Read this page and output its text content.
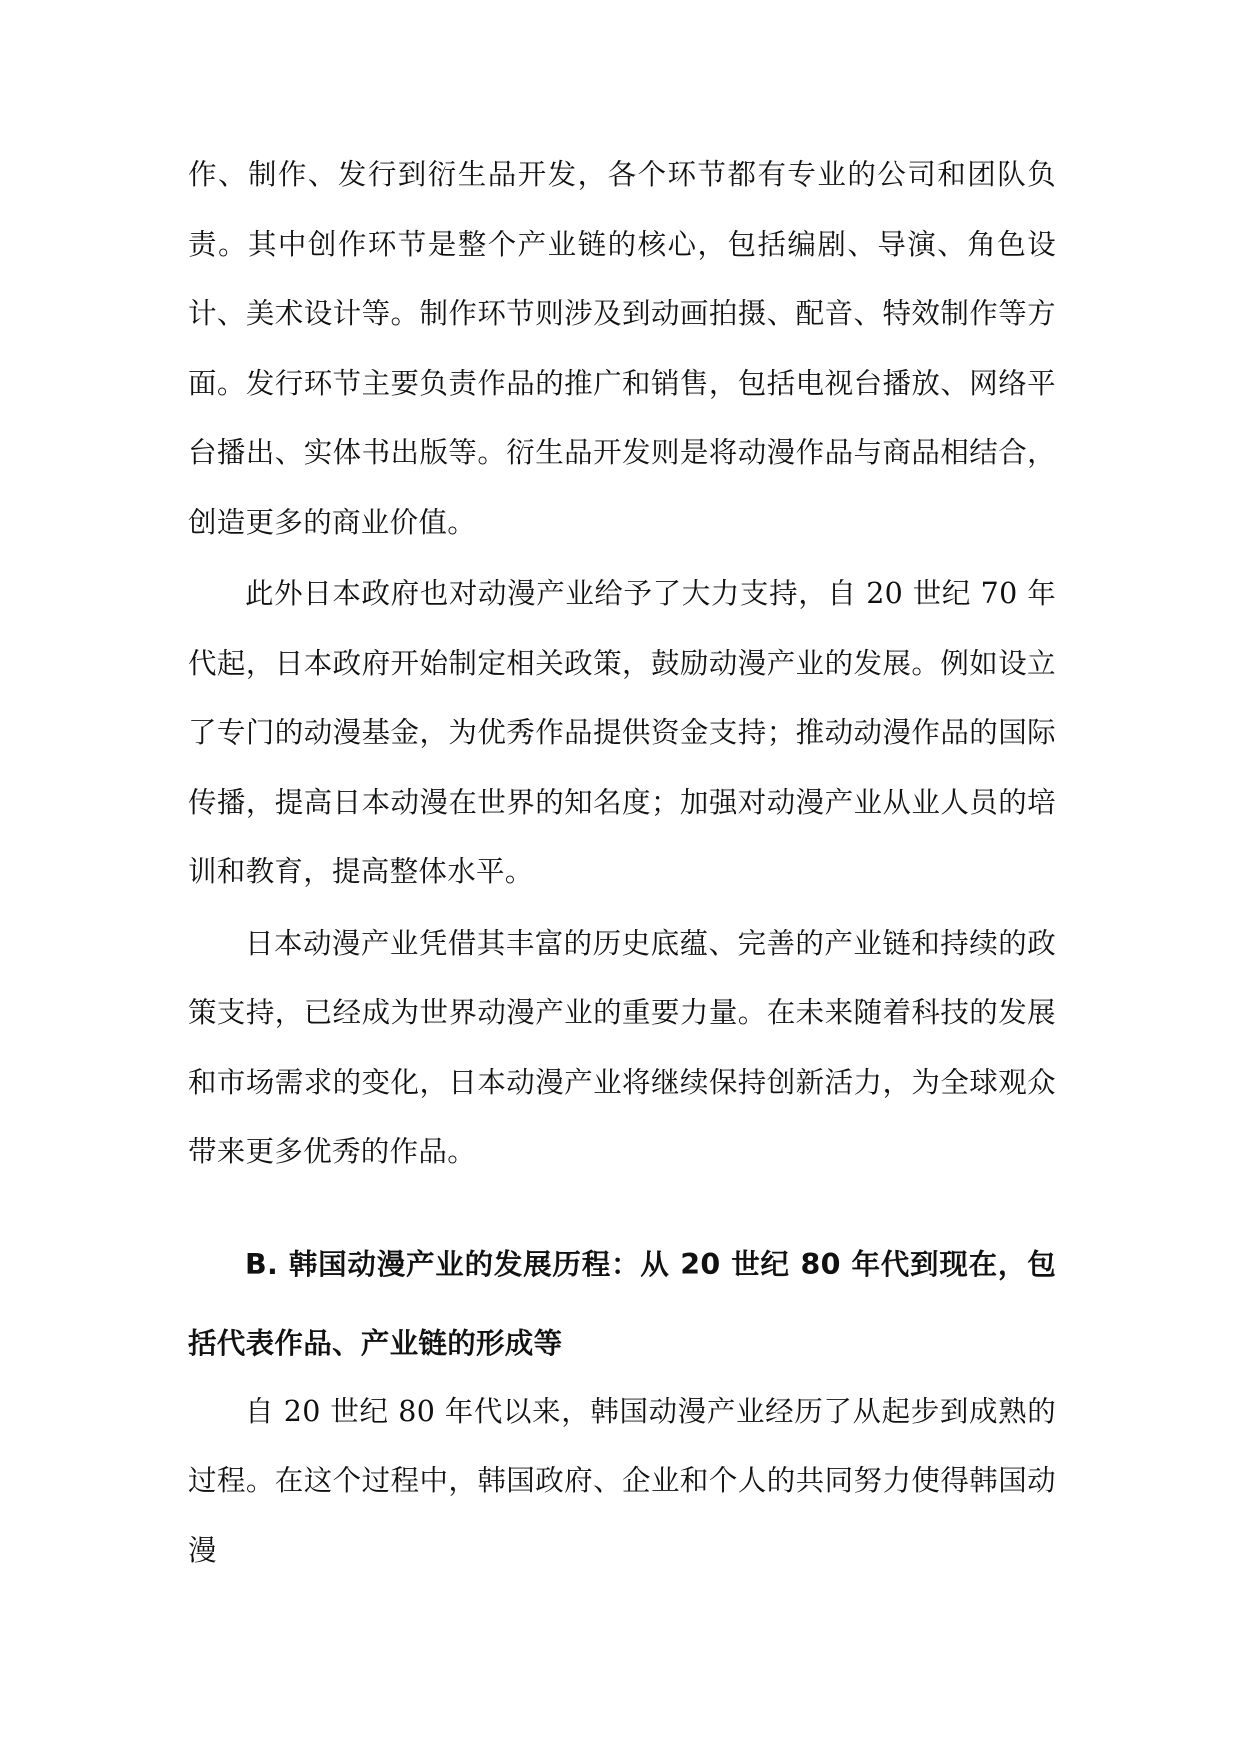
作、制作、发行到衍生品开发，各个环节都有专业的公司和团队负责。其中创作环节是整个产业链的核心，包括编剧、导演、角色设计、美术设计等。制作环节则涉及到动画拍摄、配音、特效制作等方面。发行环节主要负责作品的推广和销售，包括电视台播放、网络平台播出、实体书出版等。衍生品开发则是将动漫作品与商品相结合，创造更多的商业价值。

此外日本政府也对动漫产业给予了大力支持，自 20 世纪 70 年代起，日本政府开始制定相关政策，鼓励动漫产业的发展。例如设立了专门的动漫基金，为优秀作品提供资金支持；推动动漫作品的国际传播，提高日本动漫在世界的知名度；加强对动漫产业从业人员的培训和教育，提高整体水平。

日本动漫产业凭借其丰富的历史底蕴、完善的产业链和持续的政策支持，已经成为世界动漫产业的重要力量。在未来随着科技的发展和市场需求的变化，日本动漫产业将继续保持创新活力，为全球观众带来更多优秀的作品。

B. 韩国动漫产业的发展历程：从 20 世纪 80 年代到现在，包括代表作品、产业链的形成等

自 20 世纪 80 年代以来，韩国动漫产业经历了从起步到成熟的过程。在这个过程中，韩国政府、企业和个人的共同努力使得韩国动漫
